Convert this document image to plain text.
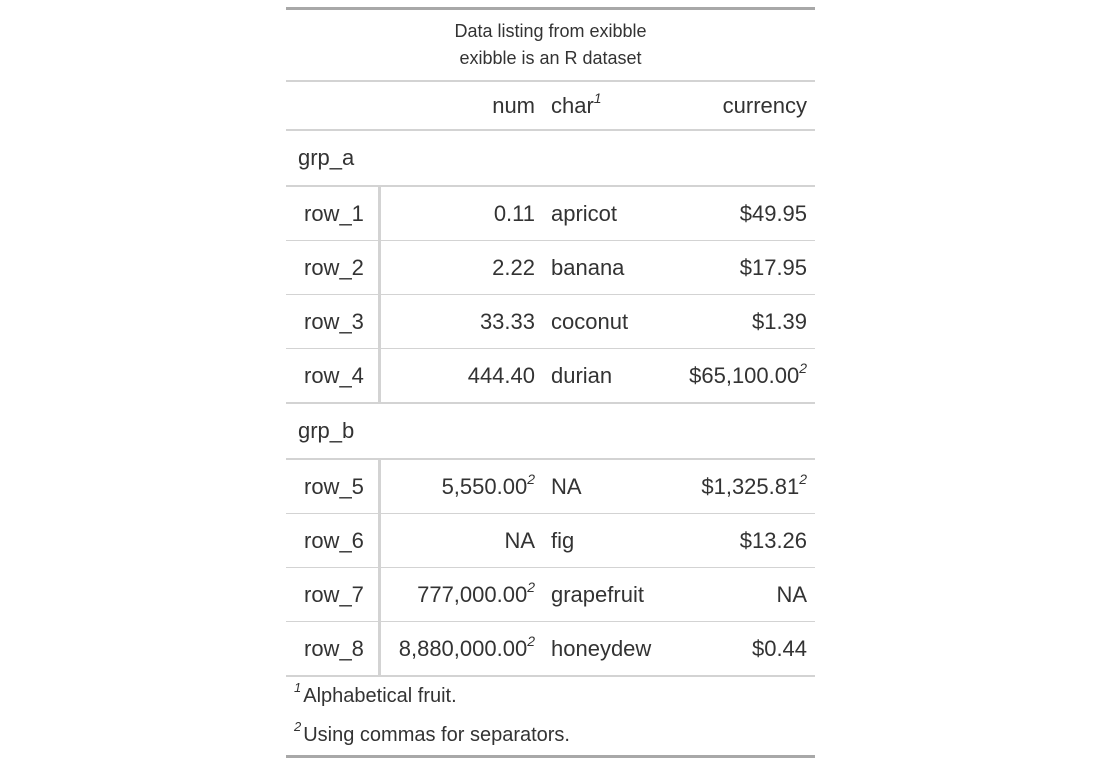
Data listing from exibble			
exibble is an R dataset			
	num	char$^1$	currency
grp_a			
row_1	0.11	apricot	$49.95
row_2	2.22	banana	$17.95
row_3	33.33	coconut	$1.39
row_4	444.40	durian	$65,100.00$^2$
grp_b			
row_5	5,550.00$^2$	NA	$1,325.81$^2$
row_6	NA	fig	$13.26
row_7	777,000.00$^2$	grapefruit	NA
row_8	8,880,000.00$^2$	honeydew	$0.44

$^1$ Alphabetical fruit.
$^2$ Using commas for separators.			
